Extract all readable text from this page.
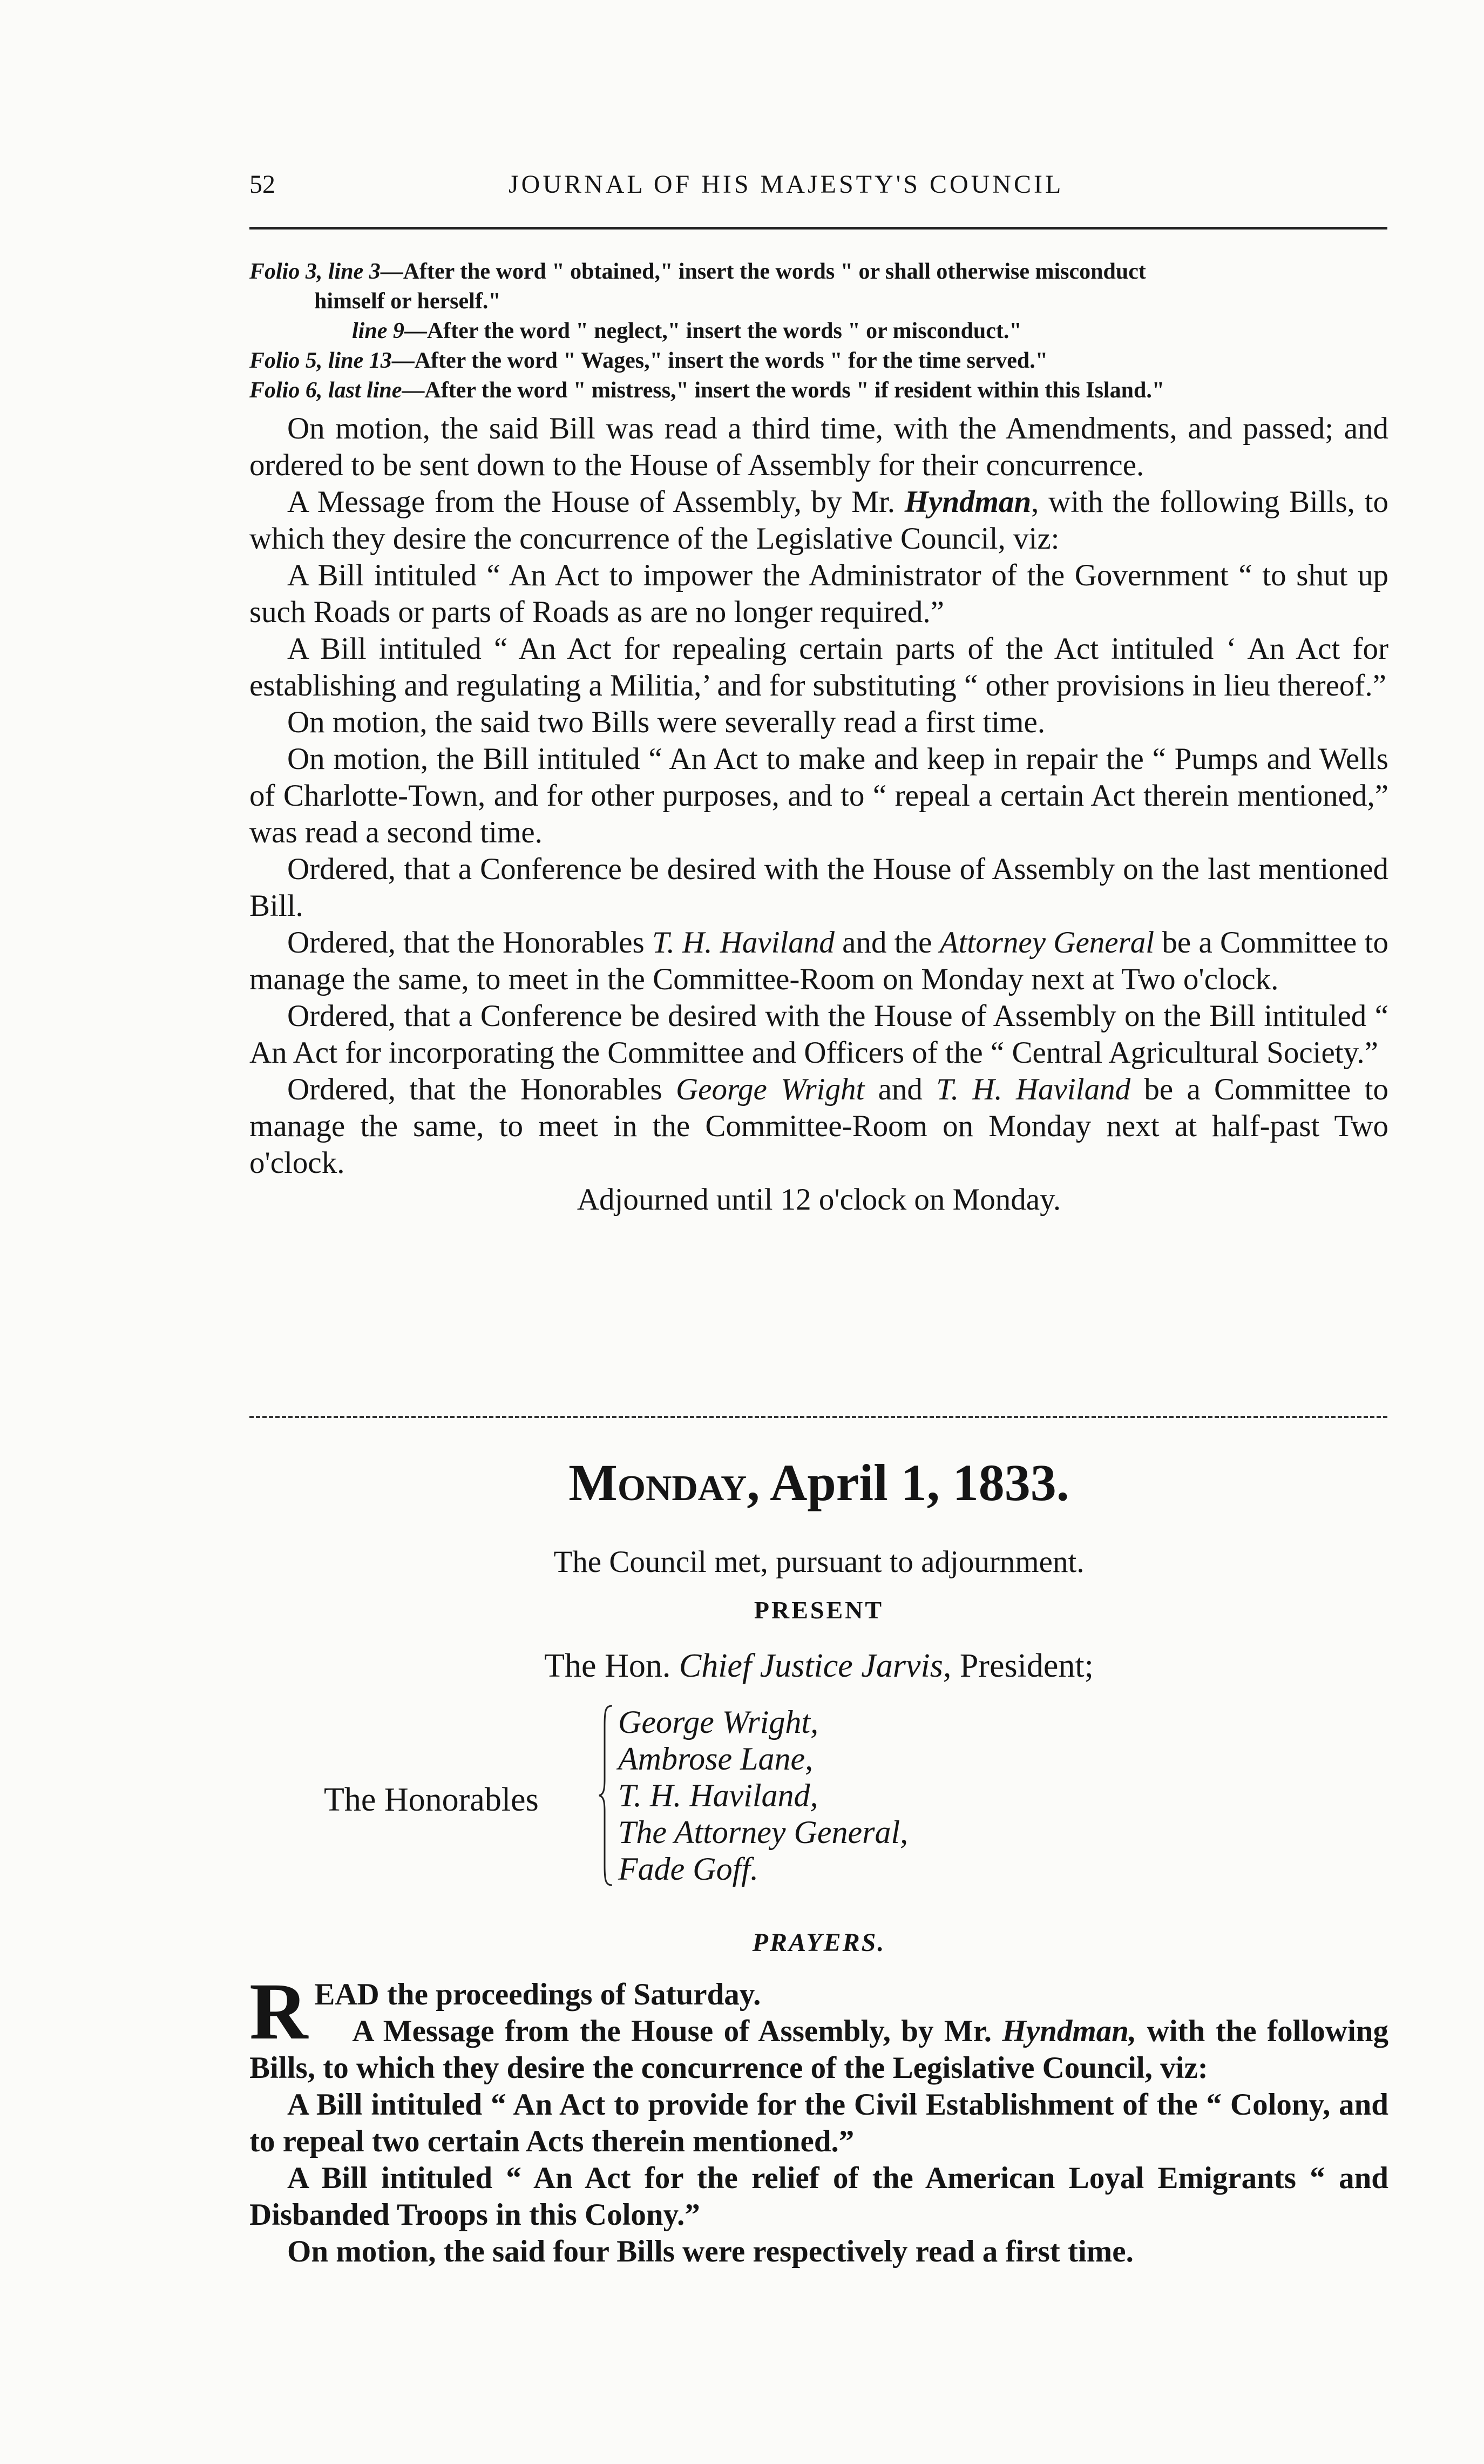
52	JOURNAL OF HIS MAJESTY'S COUNCIL
Folio 3, line 3—After the word " obtained," insert the words " or shall otherwise misconduct
himself or herself."
line 9—After the word " neglect," insert the words " or misconduct."
Folio 5, line 13—After the word " Wages," insert the words " for the time served."
Folio 6, last line—After the word " mistress," insert the words " if resident within this Island."

On motion, the said Bill was read a third time, with the Amendments, and passed; and ordered to be sent down to the House of Assembly for their concurrence.

A Message from the House of Assembly, by Mr. Hyndman, with the following Bills, to which they desire the concurrence of the Legislative Council, viz:

A Bill intituled “ An Act to impower the Administrator of the Government “ to shut up such Roads or parts of Roads as are no longer required.”

A Bill intituled “ An Act for repealing certain parts of the Act intituled ‘ An Act for establishing and regulating a Militia,’ and for substituting “ other provisions in lieu thereof.”

On motion, the said two Bills were severally read a first time.

On motion, the Bill intituled “ An Act to make and keep in repair the “ Pumps and Wells of Charlotte-Town, and for other purposes, and to “ repeal a certain Act therein mentioned,” was read a second time.

Ordered, that a Conference be desired with the House of Assembly on the last mentioned Bill.

Ordered, that the Honorables T. H. Haviland and the Attorney General be a Committee to manage the same, to meet in the Committee-Room on Monday next at Two o'clock.

Ordered, that a Conference be desired with the House of Assembly on the Bill intituled “ An Act for incorporating the Committee and Officers of the “ Central Agricultural Society.”

Ordered, that the Honorables George Wright and T. H. Haviland be a Committee to manage the same, to meet in the Committee-Room on Monday next at half-past Two o'clock.

Adjourned until 12 o'clock on Monday.

Monday, April 1, 1833.
The Council met, pursuant to adjournment.
PRESENT
The Hon. Chief Justice Jarvis, President;
The Honorables
George Wright,
Ambrose Lane,
T. H. Haviland,
The Attorney General,
Fade Goff.
PRAYERS.

READ the proceedings of Saturday.

A Message from the House of Assembly, by Mr. Hyndman, with the following Bills, to which they desire the concurrence of the Legislative Council, viz:

A Bill intituled “ An Act to provide for the Civil Establishment of the “ Colony, and to repeal two certain Acts therein mentioned.”

A Bill intituled “ An Act for the relief of the American Loyal Emigrants “ and Disbanded Troops in this Colony.”

On motion, the said four Bills were respectively read a first time.
